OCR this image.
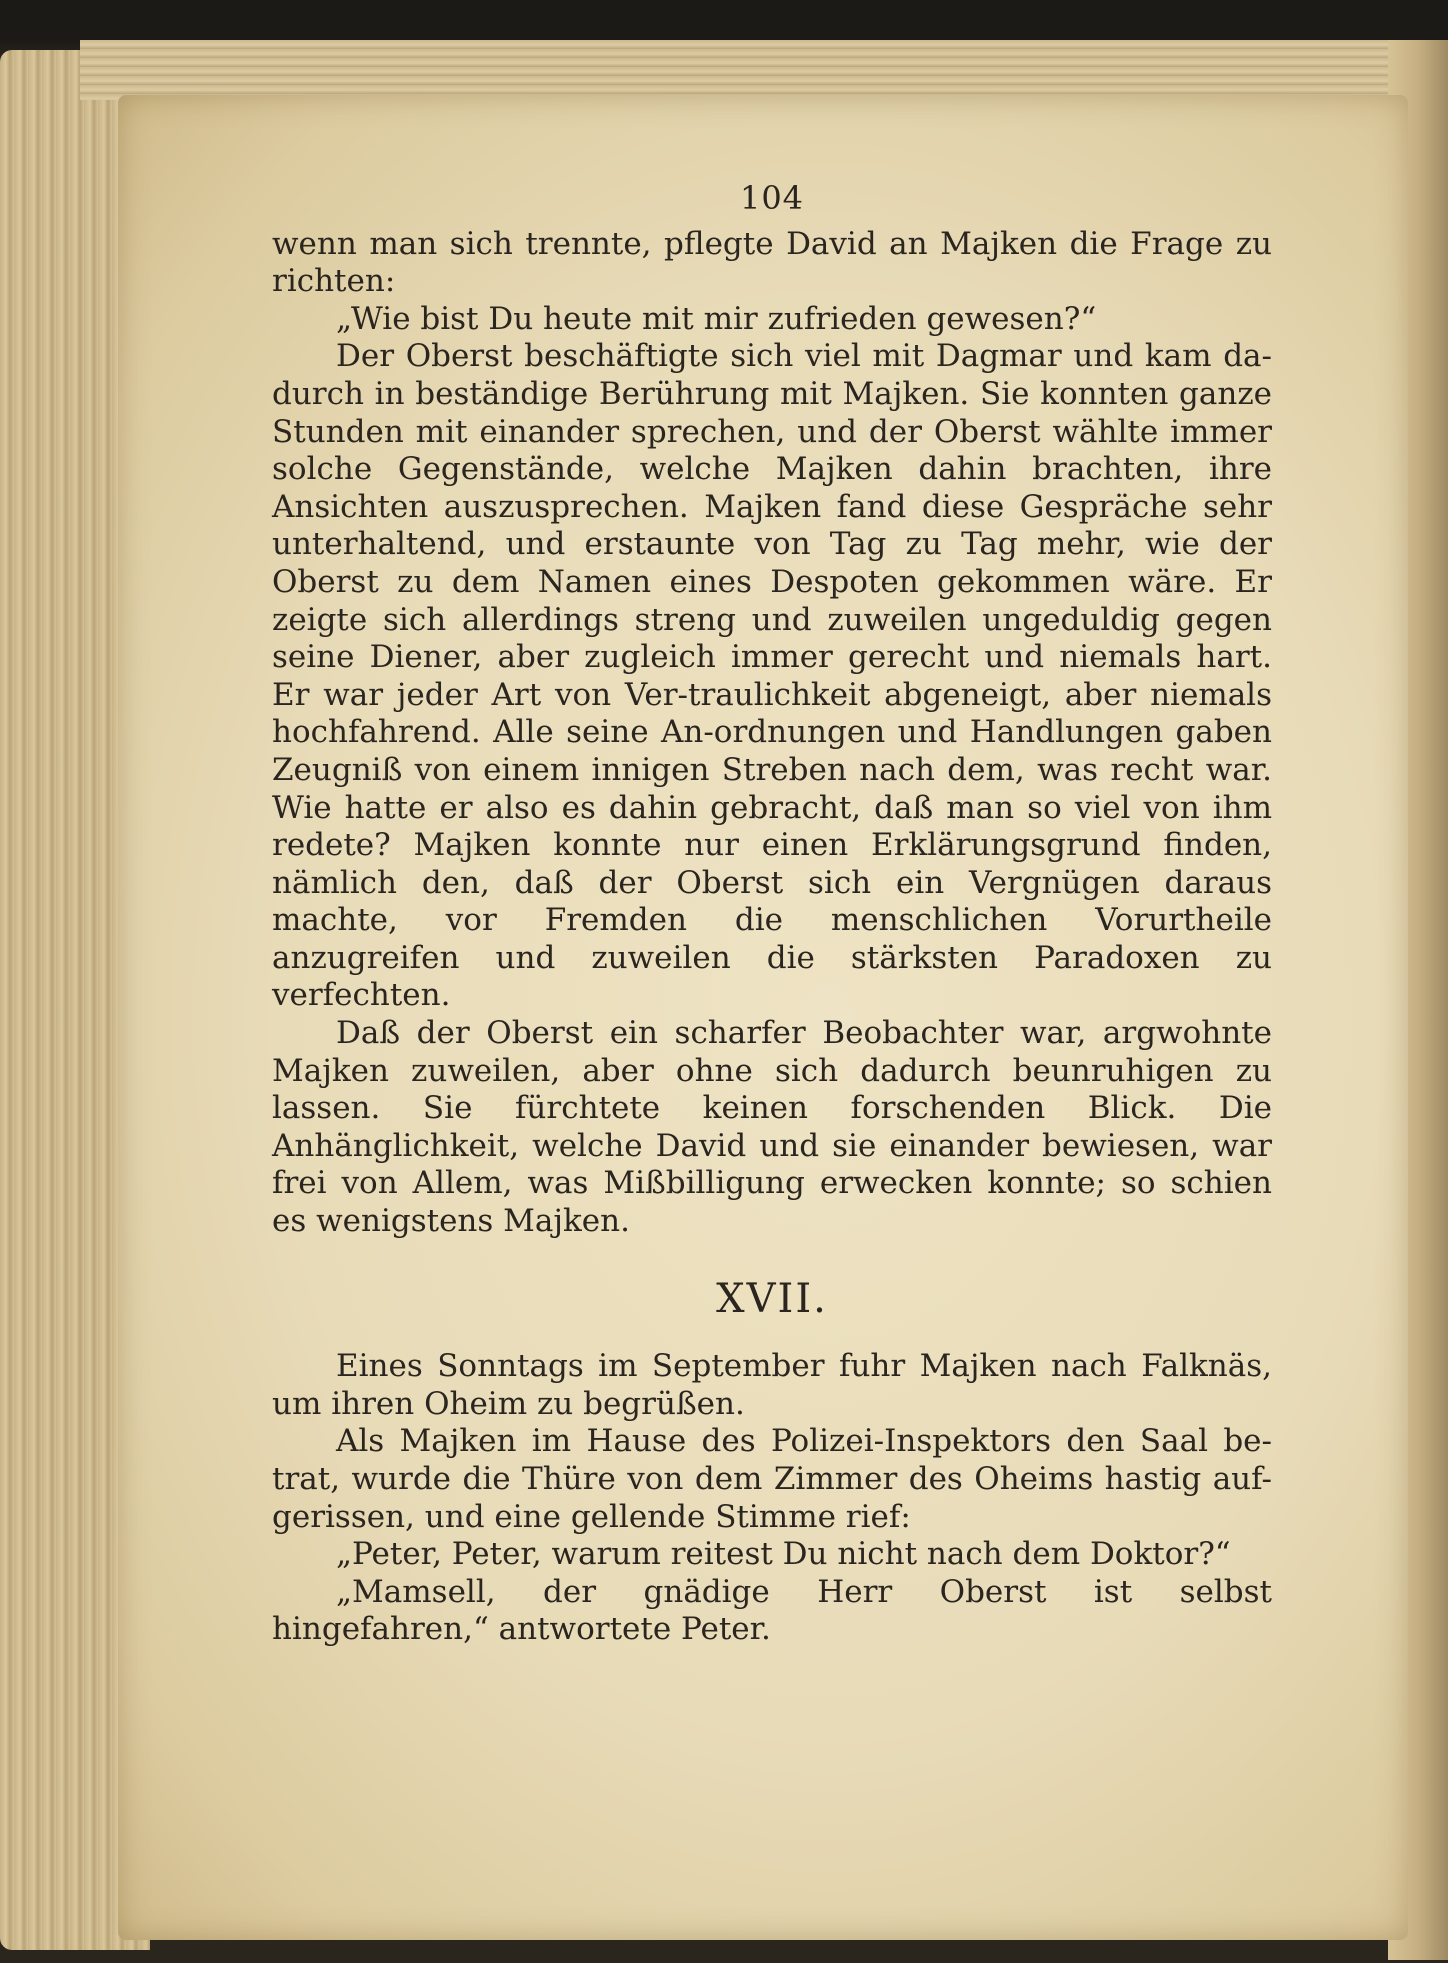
104

wenn man sich trennte, pflegte David an Majken die Frage zu richten:

„Wie bist Du heute mit mir zufrieden gewesen?“

Der Oberst beschäftigte sich viel mit Dagmar und kam da-durch in beständige Berührung mit Majken. Sie konnten ganze Stunden mit einander sprechen, und der Oberst wählte immer solche Gegenstände, welche Majken dahin brachten, ihre Ansichten auszusprechen. Majken fand diese Gespräche sehr unterhaltend, und erstaunte von Tag zu Tag mehr, wie der Oberst zu dem Namen eines Despoten gekommen wäre. Er zeigte sich allerdings streng und zuweilen ungeduldig gegen seine Diener, aber zugleich immer gerecht und niemals hart. Er war jeder Art von Ver-traulichkeit abgeneigt, aber niemals hochfahrend. Alle seine An-ordnungen und Handlungen gaben Zeugniß von einem innigen Streben nach dem, was recht war. Wie hatte er also es dahin gebracht, daß man so viel von ihm redete? Majken konnte nur einen Erklärungsgrund finden, nämlich den, daß der Oberst sich ein Vergnügen daraus machte, vor Fremden die menschlichen Vorurtheile anzugreifen und zuweilen die stärksten Paradoxen zu verfechten.

Daß der Oberst ein scharfer Beobachter war, argwohnte Majken zuweilen, aber ohne sich dadurch beunruhigen zu lassen. Sie fürchtete keinen forschenden Blick. Die Anhänglichkeit, welche David und sie einander bewiesen, war frei von Allem, was Mißbilligung erwecken konnte; so schien es wenigstens Majken.

XVII.

Eines Sonntags im September fuhr Majken nach Falknäs, um ihren Oheim zu begrüßen.

Als Majken im Hause des Polizei-Inspektors den Saal be-trat, wurde die Thüre von dem Zimmer des Oheims hastig auf-gerissen, und eine gellende Stimme rief:

„Peter, Peter, warum reitest Du nicht nach dem Doktor?“

„Mamsell, der gnädige Herr Oberst ist selbst hingefahren,“ antwortete Peter.
